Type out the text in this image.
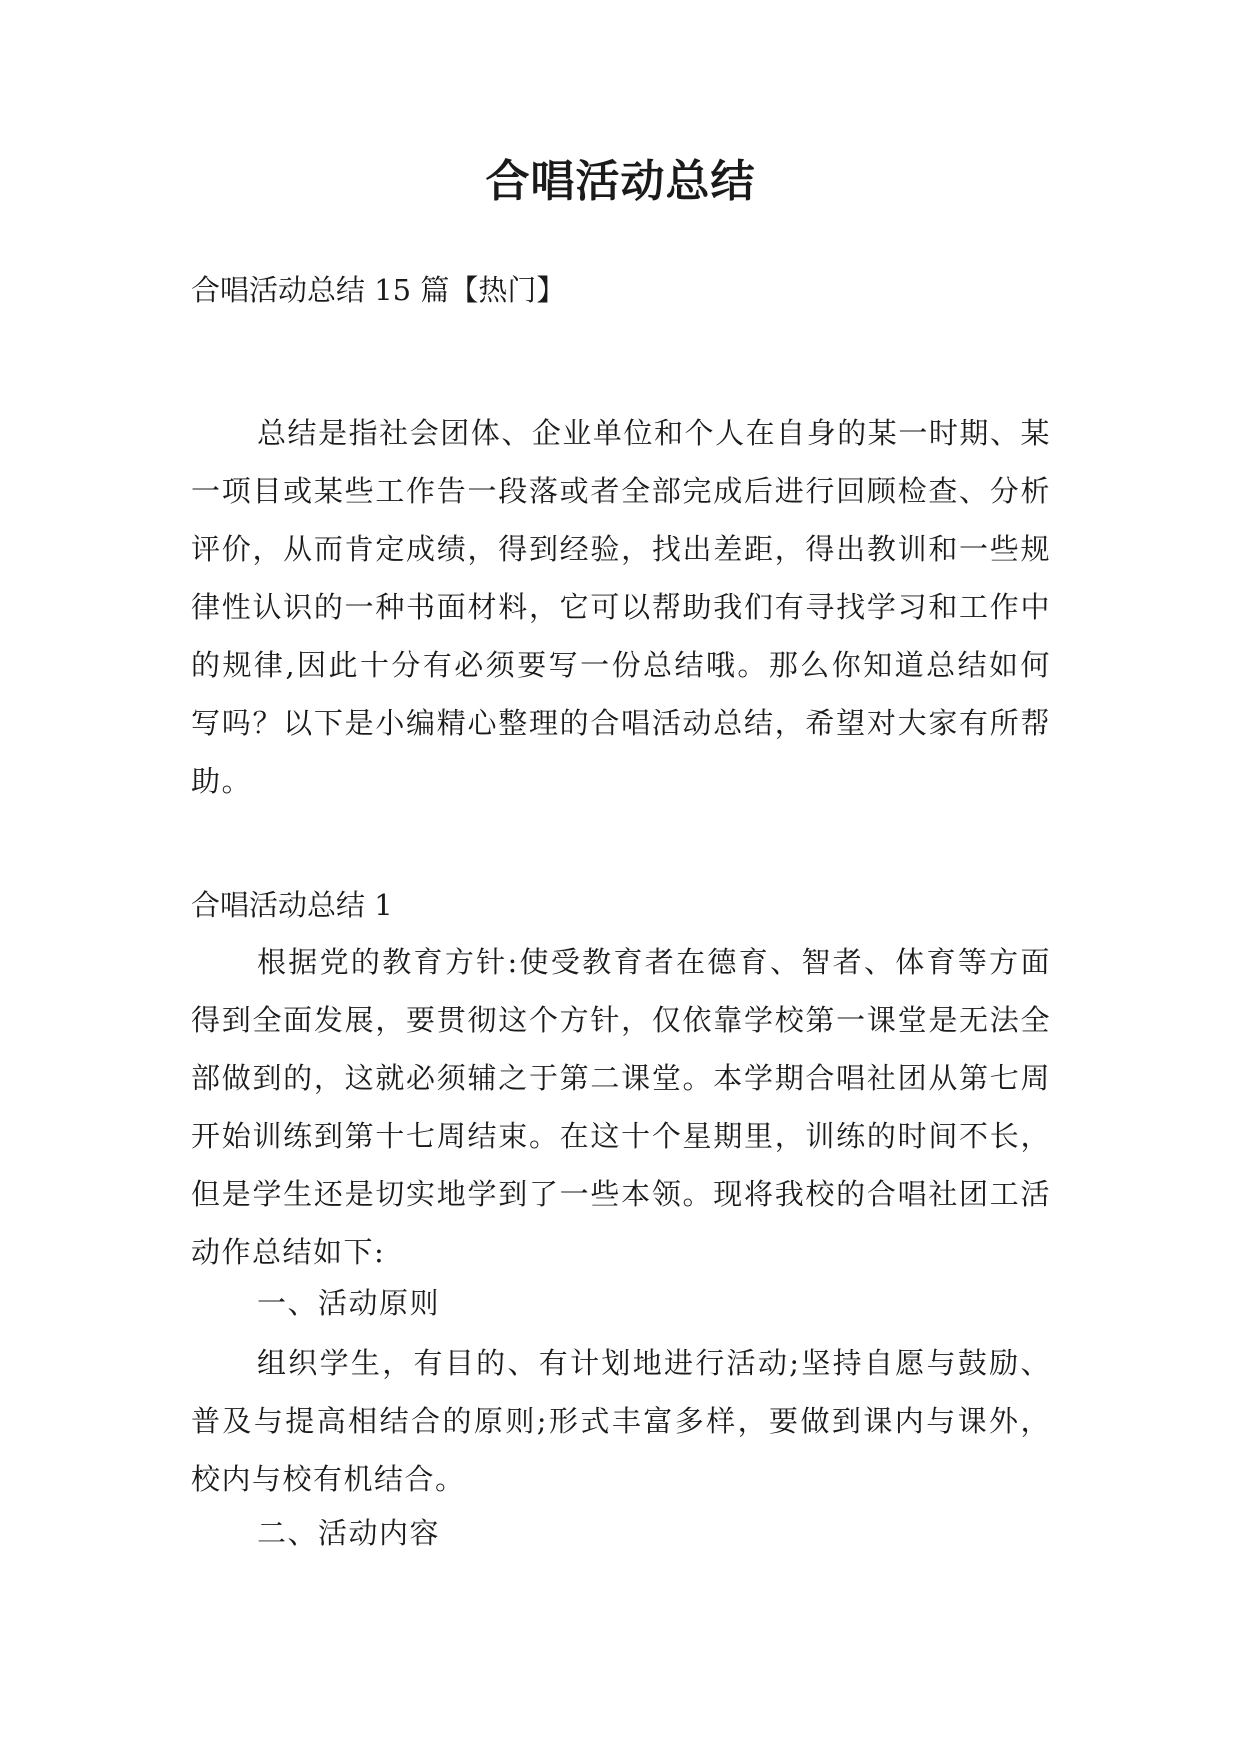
合唱活动总结

合唱活动总结 15 篇【热门】

总结是指社会团体、企业单位和个人在自身的某一时期、某一项目或某些工作告一段落或者全部完成后进行回顾检查、分析评价，从而肯定成绩，得到经验，找出差距，得出教训和一些规律性认识的一种书面材料，它可以帮助我们有寻找学习和工作中的规律,因此十分有必须要写一份总结哦。那么你知道总结如何写吗？以下是小编精心整理的合唱活动总结，希望对大家有所帮助。

合唱活动总结 1

根据党的教育方针:使受教育者在德育、智者、体育等方面得到全面发展，要贯彻这个方针，仅依靠学校第一课堂是无法全部做到的，这就必须辅之于第二课堂。本学期合唱社团从第七周开始训练到第十七周结束。在这十个星期里，训练的时间不长，但是学生还是切实地学到了一些本领。现将我校的合唱社团工活动作总结如下:

一、活动原则

组织学生，有目的、有计划地进行活动;坚持自愿与鼓励、普及与提高相结合的原则;形式丰富多样，要做到课内与课外，校内与校有机结合。

二、活动内容
